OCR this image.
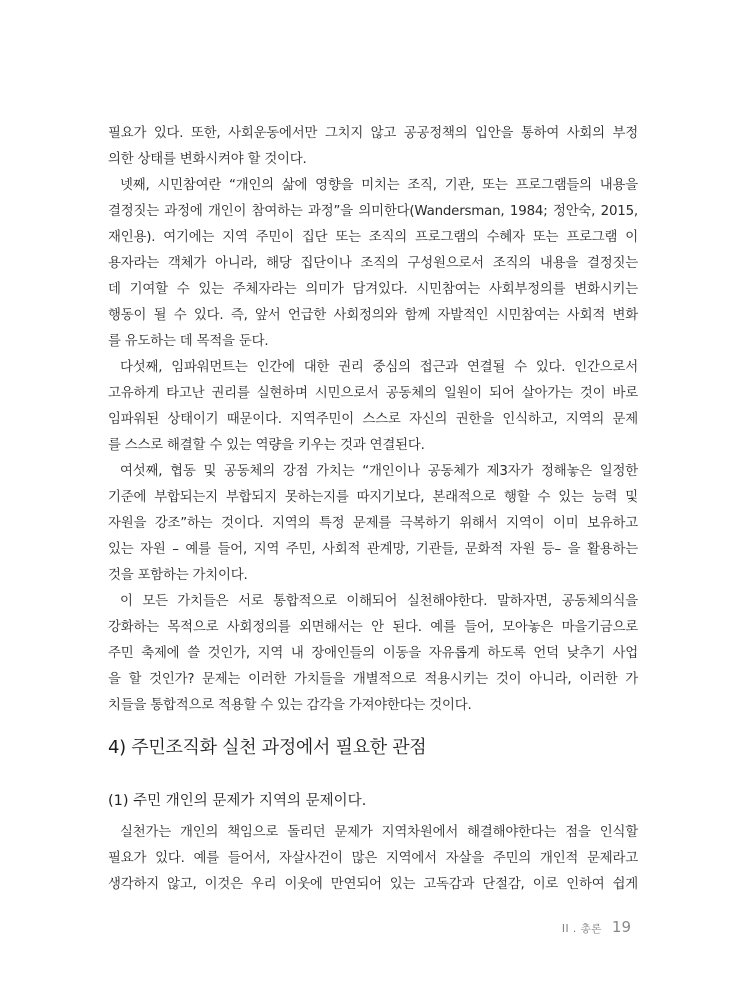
필요가 있다. 또한, 사회운동에서만 그치지 않고 공공정책의 입안을 통하여 사회의 부정
의한 상태를 변화시켜야 할 것이다.
넷째, 시민참여란 “개인의 삶에 영향을 미치는 조직, 기관, 또는 프로그램들의 내용을
결정짓는 과정에 개인이 참여하는 과정”을 의미한다(Wandersman, 1984; 정안숙, 2015,
재인용). 여기에는 지역 주민이 집단 또는 조직의 프로그램의 수혜자 또는 프로그램 이
용자라는 객체가 아니라, 해당 집단이나 조직의 구성원으로서 조직의 내용을 결정짓는
데 기여할 수 있는 주체자라는 의미가 담겨있다. 시민참여는 사회부정의를 변화시키는
행동이 될 수 있다. 즉, 앞서 언급한 사회정의와 함께 자발적인 시민참여는 사회적 변화
를 유도하는 데 목적을 둔다.
다섯째, 임파워먼트는 인간에 대한 권리 중심의 접근과 연결될 수 있다. 인간으로서
고유하게 타고난 권리를 실현하며 시민으로서 공동체의 일원이 되어 살아가는 것이 바로
임파워된 상태이기 때문이다. 지역주민이 스스로 자신의 권한을 인식하고, 지역의 문제
를 스스로 해결할 수 있는 역량을 키우는 것과 연결된다.
여섯째, 협동 및 공동체의 강점 가치는 “개인이나 공동체가 제3자가 정해놓은 일정한
기준에 부합되는지 부합되지 못하는지를 따지기보다, 본래적으로 행할 수 있는 능력 및
자원을 강조”하는 것이다. 지역의 특정 문제를 극복하기 위해서 지역이 이미 보유하고
있는 자원 – 예를 들어, 지역 주민, 사회적 관계망, 기관들, 문화적 자원 등– 을 활용하는
것을 포함하는 가치이다.
이 모든 가치들은 서로 통합적으로 이해되어 실천해야한다. 말하자면, 공동체의식을
강화하는 목적으로 사회정의를 외면해서는 안 된다. 예를 들어, 모아놓은 마을기금으로
주민 축제에 쓸 것인가, 지역 내 장애인들의 이동을 자유롭게 하도록 언덕 낮추기 사업
을 할 것인가? 문제는 이러한 가치들을 개별적으로 적용시키는 것이 아니라, 이러한 가
치들을 통합적으로 적용할 수 있는 감각을 가져야한다는 것이다.
4) 주민조직화 실천 과정에서 필요한 관점
(1) 주민 개인의 문제가 지역의 문제이다.
실천가는 개인의 책임으로 돌리던 문제가 지역차원에서 해결해야한다는 점을 인식할
필요가 있다. 예를 들어서, 자살사건이 많은 지역에서 자살을 주민의 개인적 문제라고
생각하지 않고, 이것은 우리 이웃에 만연되어 있는 고독감과 단절감, 이로 인하여 쉽게
II . 총론 19
